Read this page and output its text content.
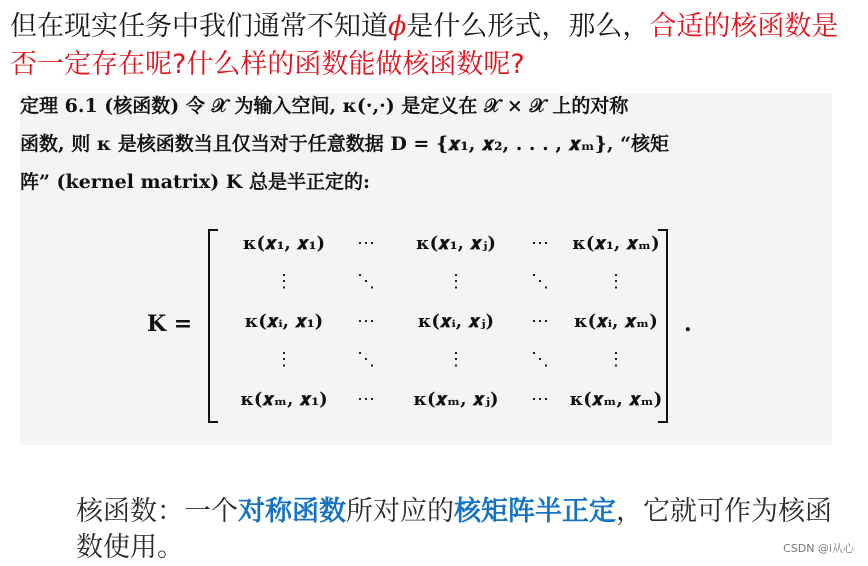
但在现实任务中我们通常不知道ϕ是什么形式，那么，合适的核函数是否一定存在呢?什么样的函数能做核函数呢?
定理 6.1 (核函数) 令 𝒳 为输入空间, κ(·,·) 是定义在 𝒳 × 𝒳 上的对称
函数, 则 κ 是核函数当且仅当对于任意数据 D = {𝒙₁, 𝒙₂, . . . , 𝒙ₘ}, “核矩
阵” (kernel matrix) K 总是半正定的:
K =
κ(𝒙₁, 𝒙₁) ⋯ κ(𝒙₁, 𝒙ⱼ) ⋯ κ(𝒙₁, 𝒙ₘ)
⋮	⋱	⋮	⋱	⋮
κ(𝒙ᵢ, 𝒙₁) ⋯ κ(𝒙ᵢ, 𝒙ⱼ) ⋯ κ(𝒙ᵢ, 𝒙ₘ)
⋮	⋱	⋮	⋱	⋮
κ(𝒙ₘ, 𝒙₁) ⋯ κ(𝒙ₘ, 𝒙ⱼ) ⋯ κ(𝒙ₘ, 𝒙ₘ)
.
核函数：一个对称函数所对应的核矩阵半正定，它就可作为核函数使用。	CSDN @i从心
